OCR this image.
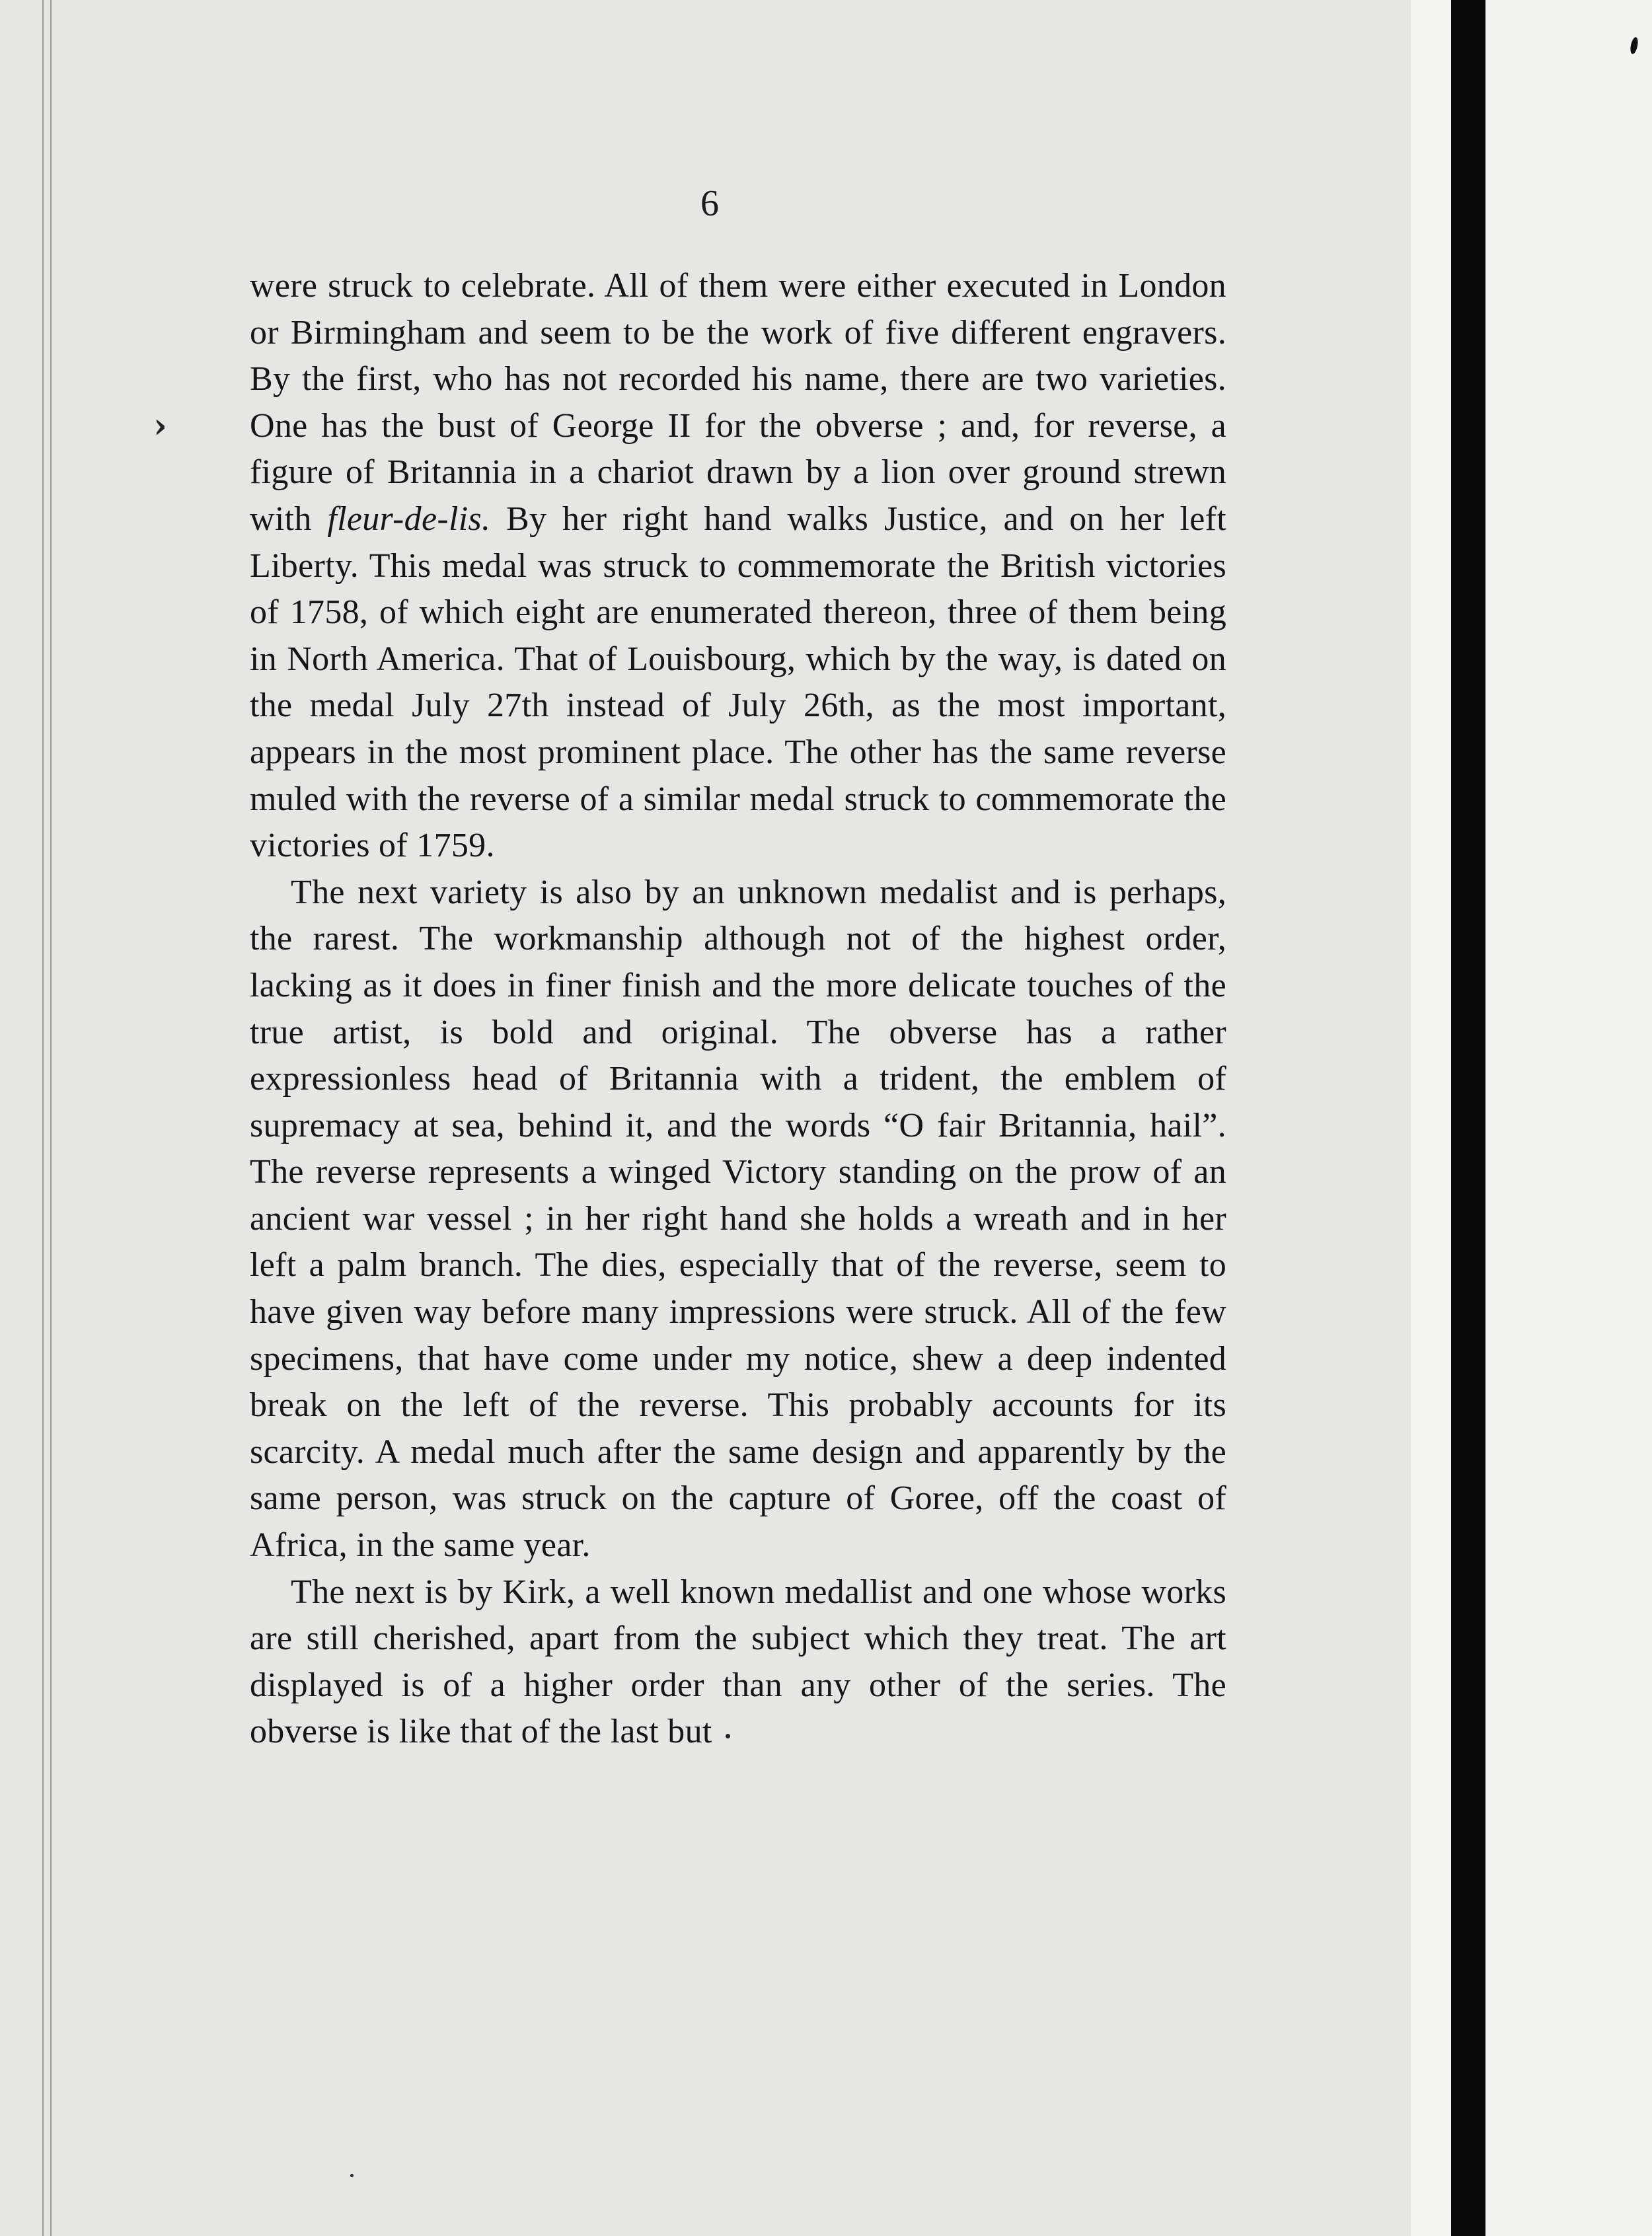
›
6

were struck to celebrate. All of them were either executed in London or Birmingham and seem to be the work of five different engravers. By the first, who has not recorded his name, there are two varieties. One has the bust of George II for the obverse ; and, for reverse, a figure of Britannia in a chariot drawn by a lion over ground strewn with fleur-de-lis. By her right hand walks Justice, and on her left Liberty. This medal was struck to commemorate the British victories of 1758, of which eight are enumerated thereon, three of them being in North America. That of Louisbourg, which by the way, is dated on the medal July 27th instead of July 26th, as the most important, appears in the most prominent place. The other has the same reverse muled with the reverse of a similar medal struck to commemorate the victories of 1759.

The next variety is also by an unknown medalist and is perhaps, the rarest. The workmanship although not of the highest order, lacking as it does in finer finish and the more delicate touches of the true artist, is bold and original. The obverse has a rather expressionless head of Britannia with a trident, the emblem of supremacy at sea, behind it, and the words “O fair Britannia, hail”. The reverse represents a winged Victory standing on the prow of an ancient war vessel ; in her right hand she holds a wreath and in her left a palm branch. The dies, especially that of the reverse, seem to have given way before many impressions were struck. All of the few specimens, that have come under my notice, shew a deep indented break on the left of the reverse. This probably accounts for its scarcity. A medal much after the same design and apparently by the same person, was struck on the capture of Goree, off the coast of Africa, in the same year.

The next is by Kirk, a well known medallist and one whose works are still cherished, apart from the subject which they treat. The art displayed is of a higher order than any other of the series. The obverse is like that of the last but
